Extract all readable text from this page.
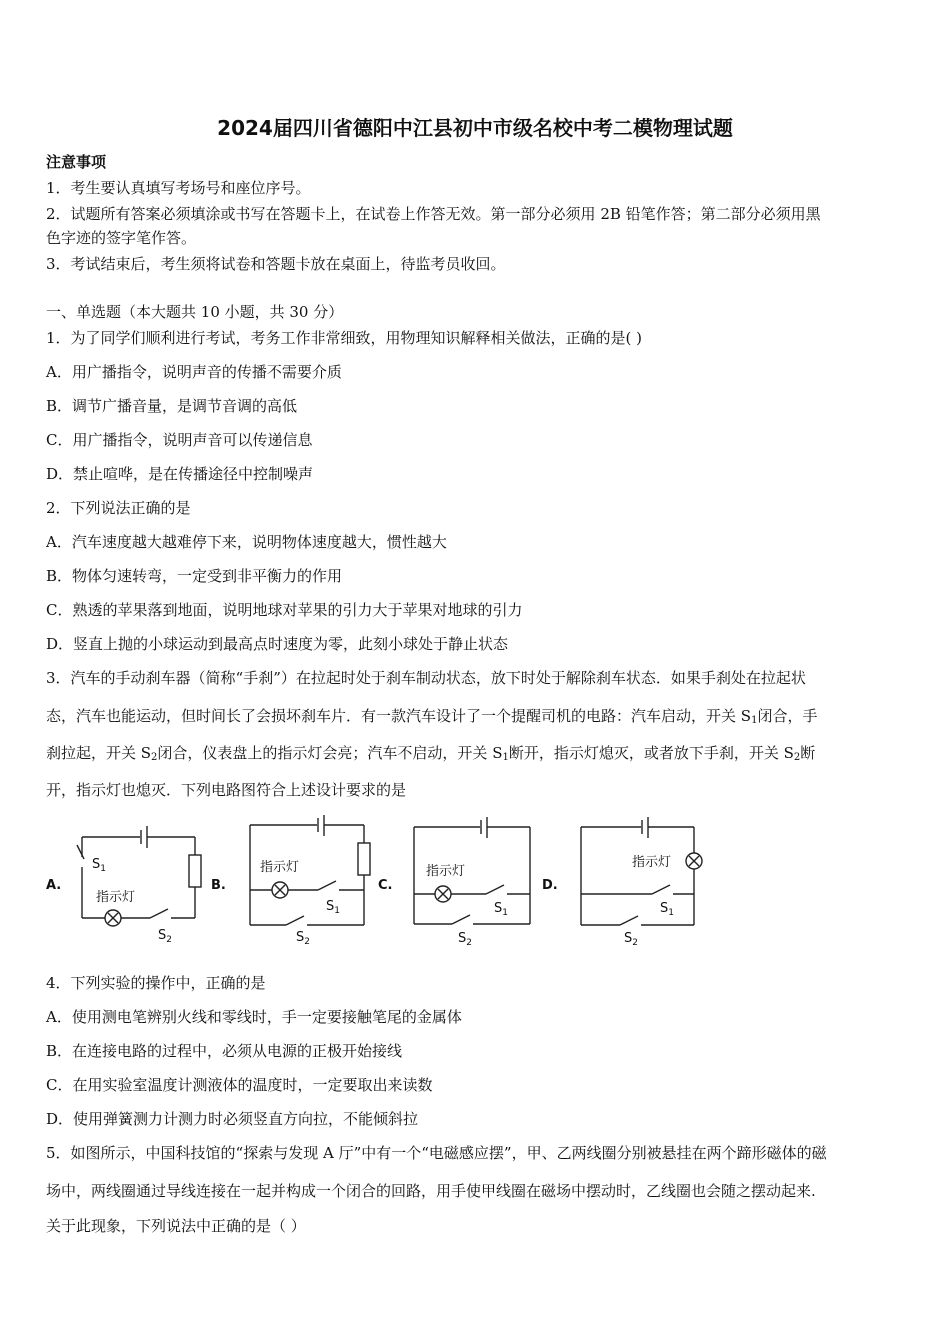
2024届四川省德阳中江县初中市级名校中考二模物理试题
注意事项
1．考生要认真填写考场号和座位序号。
2．试题所有答案必须填涂或书写在答题卡上，在试卷上作答无效。第一部分必须用 2B 铅笔作答；第二部分必须用黑
色字迹的签字笔作答。
3．考试结束后，考生须将试卷和答题卡放在桌面上，待监考员收回。
一、单选题（本大题共 10 小题，共 30 分）
1．为了同学们顺利进行考试，考务工作非常细致，用物理知识解释相关做法，正确的是( )
A．用广播指令，说明声音的传播不需要介质
B．调节广播音量，是调节音调的高低
C．用广播指令，说明声音可以传递信息
D．禁止喧哗，是在传播途径中控制噪声
2．下列说法正确的是
A．汽车速度越大越难停下来，说明物体速度越大，惯性越大
B．物体匀速转弯，一定受到非平衡力的作用
C．熟透的苹果落到地面，说明地球对苹果的引力大于苹果对地球的引力
D．竖直上抛的小球运动到最高点时速度为零，此刻小球处于静止状态
3．汽车的手动刹车器（简称“手刹”）在拉起时处于刹车制动状态，放下时处于解除刹车状态．如果手刹处在拉起状
态，汽车也能运动，但时间长了会损坏刹车片．有一款汽车设计了一个提醒司机的电路：汽车启动，开关 $S_1$闭合，手
刹拉起，开关 $S_2$闭合，仪表盘上的指示灯会亮；汽车不启动，开关 $S_1$断开，指示灯熄灭，或者放下手刹，开关 $S_2$断
开，指示灯也熄灭．下列电路图符合上述设计要求的是
A.	B.	C.	D.
指示灯
$S_1$
$S_2$
指示灯
$S_1$
$S_2$
指示灯
$S_1$
$S_2$
指示灯
$S_1$
$S_2$
4．下列实验的操作中，正确的是
A．使用测电笔辨别火线和零线时，手一定要接触笔尾的金属体
B．在连接电路的过程中，必须从电源的正极开始接线
C．在用实验室温度计测液体的温度时，一定要取出来读数
D．使用弹簧测力计测力时必须竖直方向拉，不能倾斜拉
5．如图所示，中国科技馆的“探索与发现 A 厅”中有一个“电磁感应摆”，甲、乙两线圈分别被悬挂在两个蹄形磁体的磁
场中，两线圈通过导线连接在一起并构成一个闭合的回路，用手使甲线圈在磁场中摆动时，乙线圈也会随之摆动起来.
关于此现象，下列说法中正确的是（ ）
